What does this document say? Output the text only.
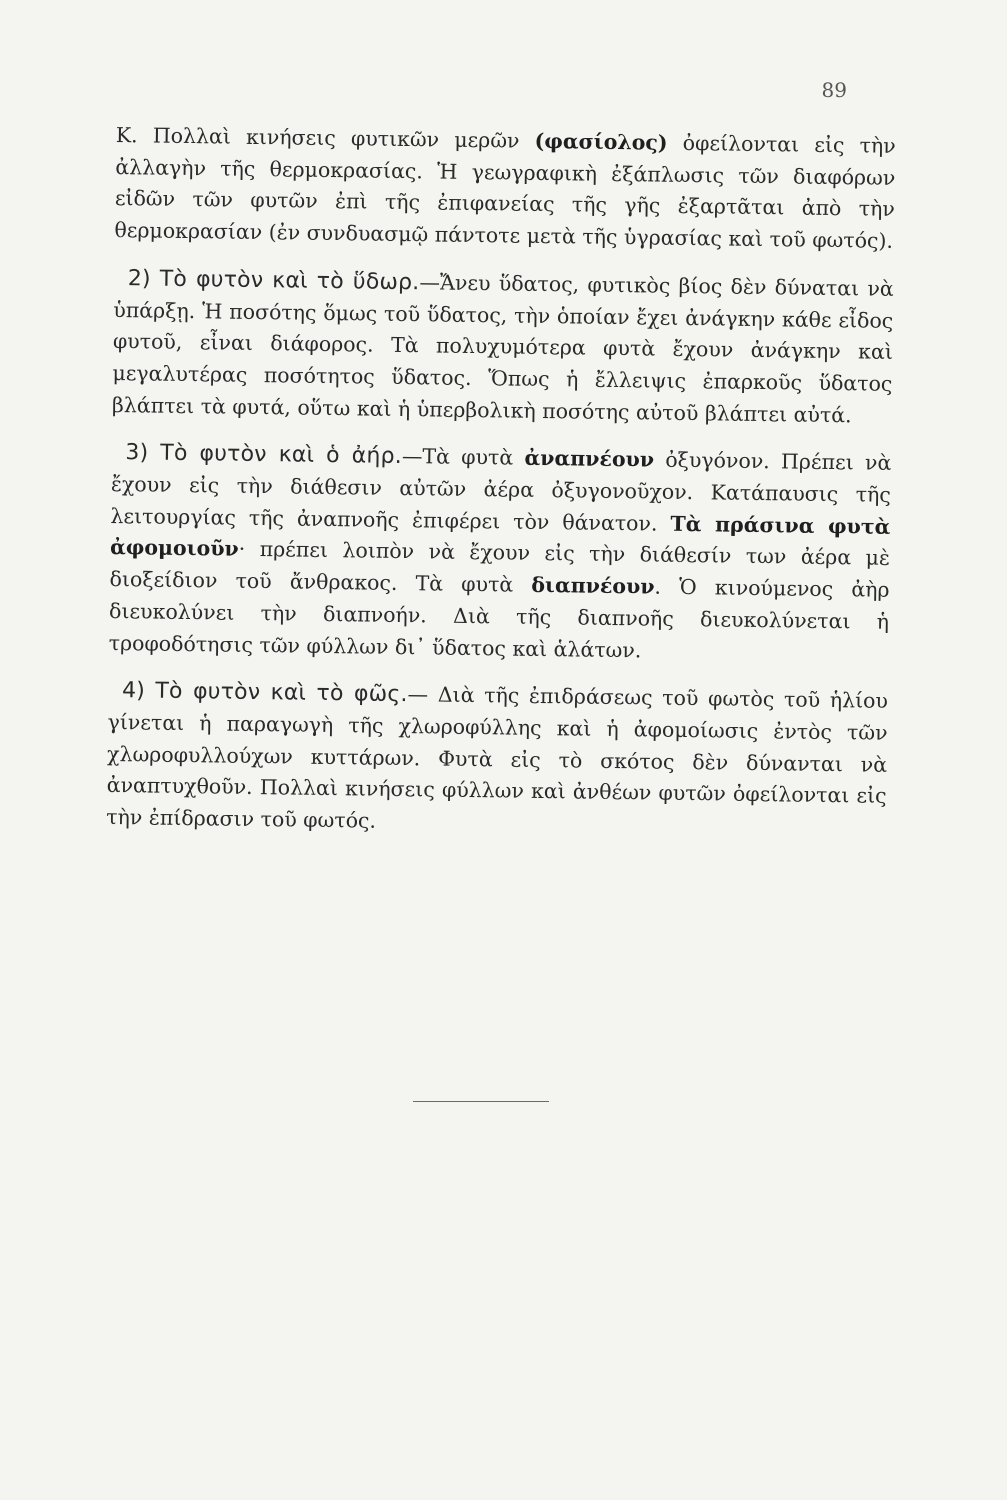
89

Κ. Πολλαὶ κινήσεις φυτικῶν μερῶν (φασίολος) ὀφείλονται εἰς τὴν ἀλλαγὴν τῆς θερμοκρασίας. Ἡ γεωγραφικὴ ἐξάπλωσις τῶν διαφόρων εἰδῶν τῶν φυτῶν ἐπὶ τῆς ἐπιφανείας τῆς γῆς ἐξαρτᾶται ἀπὸ τὴν θερμοκρασίαν (ἐν συνδυασμῷ πάντοτε μετὰ τῆς ὑγρασίας καὶ τοῦ φωτός).

2) Τὸ φυτὸν καὶ τὸ ὕδωρ.—Ἄνευ ὕδατος, φυτικὸς βίος δὲν δύναται νὰ ὑπάρξῃ. Ἡ ποσότης ὅμως τοῦ ὕδατος, τὴν ὁποίαν ἔχει ἀνάγκην κάθε εἶδος φυτοῦ, εἶναι διάφορος. Τὰ πολυχυμότερα φυτὰ ἔχουν ἀνάγκην καὶ μεγαλυτέρας ποσότητος ὕδατος. Ὅπως ἡ ἔλλειψις ἐπαρκοῦς ὕδατος βλάπτει τὰ φυτά, οὕτω καὶ ἡ ὑπερβολικὴ ποσότης αὐτοῦ βλάπτει αὐτά.

3) Τὸ φυτὸν καὶ ὁ ἀήρ.—Τὰ φυτὰ ἀναπνέουν ὀξυγόνον. Πρέπει νὰ ἔχουν εἰς τὴν διάθεσιν αὐτῶν ἀέρα ὀξυγονοῦχον. Κατάπαυσις τῆς λειτουργίας τῆς ἀναπνοῆς ἐπιφέρει τὸν θάνατον. Τὰ πράσινα φυτὰ ἀφομοιοῦν· πρέπει λοιπὸν νὰ ἔχουν εἰς τὴν διάθεσίν των ἀέρα μὲ διοξείδιον τοῦ ἄνθρακος. Τὰ φυτὰ διαπνέουν. Ὁ κινούμενος ἀὴρ διευκολύνει τὴν διαπνοήν. Διὰ τῆς διαπνοῆς διευκολύνεται ἡ τροφοδότησις τῶν φύλλων δι᾽ ὕδατος καὶ ἁλάτων.

4) Τὸ φυτὸν καὶ τὸ φῶς.— Διὰ τῆς ἐπιδράσεως τοῦ φωτὸς τοῦ ἡλίου γίνεται ἡ παραγωγὴ τῆς χλωροφύλλης καὶ ἡ ἀφομοίωσις ἐντὸς τῶν χλωροφυλλούχων κυττάρων. Φυτὰ εἰς τὸ σκότος δὲν δύνανται νὰ ἀναπτυχθοῦν. Πολλαὶ κινήσεις φύλλων καὶ ἀνθέων φυτῶν ὀφείλονται εἰς τὴν ἐπίδρασιν τοῦ φωτός.
